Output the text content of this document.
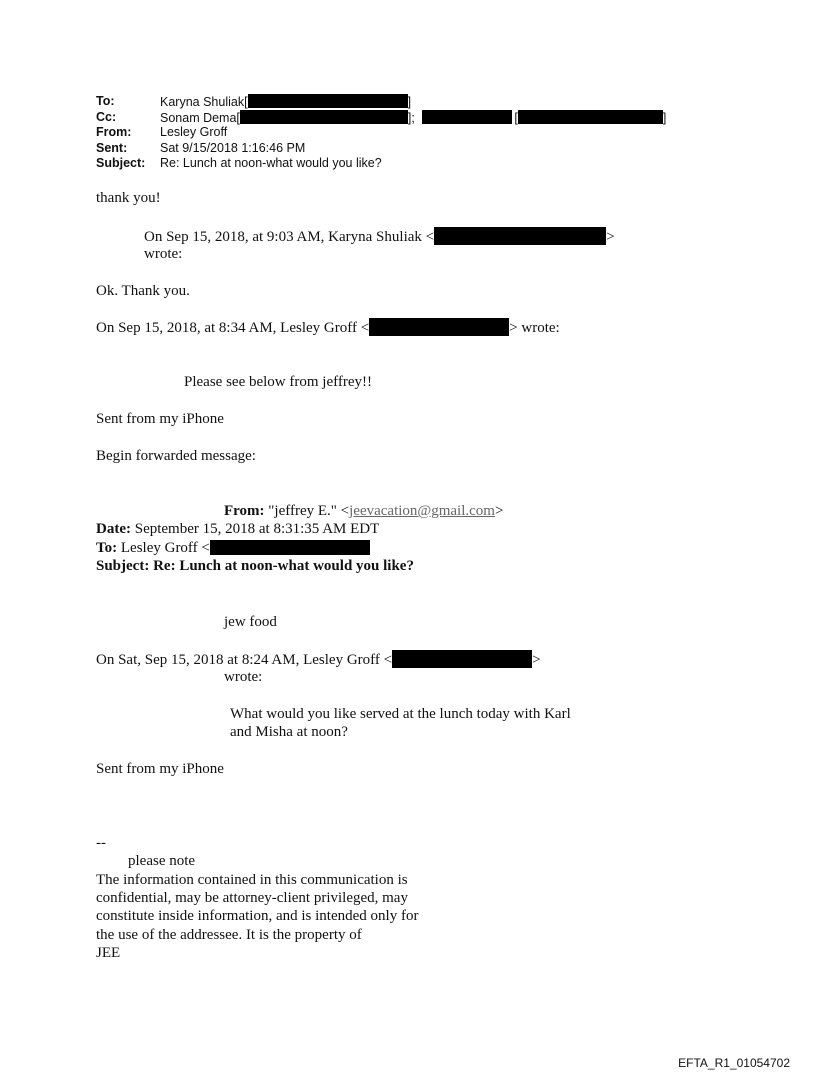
To:	Karyna Shuliak[	]
Cc:	Sonam Dema[	];	[	]
From: Lesley Groff
Sent:	Sat 9/15/2018 1:16:46 PM
Subject: Re: Lunch at noon-what would you like?
thank you!
On Sep 15, 2018, at 9:03 AM, Karyna Shuliak <	>
wrote:
Ok. Thank you.
On Sep 15, 2018, at 8:34 AM, Lesley Groff <	> wrote:
Please see below from jeffrey!!
Sent from my iPhone
Begin forwarded message:
From: "jeffrey E." <jeevacation@gmail.com>
Date: September 15, 2018 at 8:31:35 AM EDT
To: Lesley Groff <
Subject: Re: Lunch at noon-what would you like?
jew food
On Sat, Sep 15, 2018 at 8:24 AM, Lesley Groff <	>
wrote:
What would you like served at the lunch today with Karl
and Misha at noon?
Sent from my iPhone
--
please note
The information contained in this communication is
confidential, may be attorney-client privileged, may
constitute inside information, and is intended only for
the use of the addressee. It is the property of
JEE
EFTA_R1_01054702
